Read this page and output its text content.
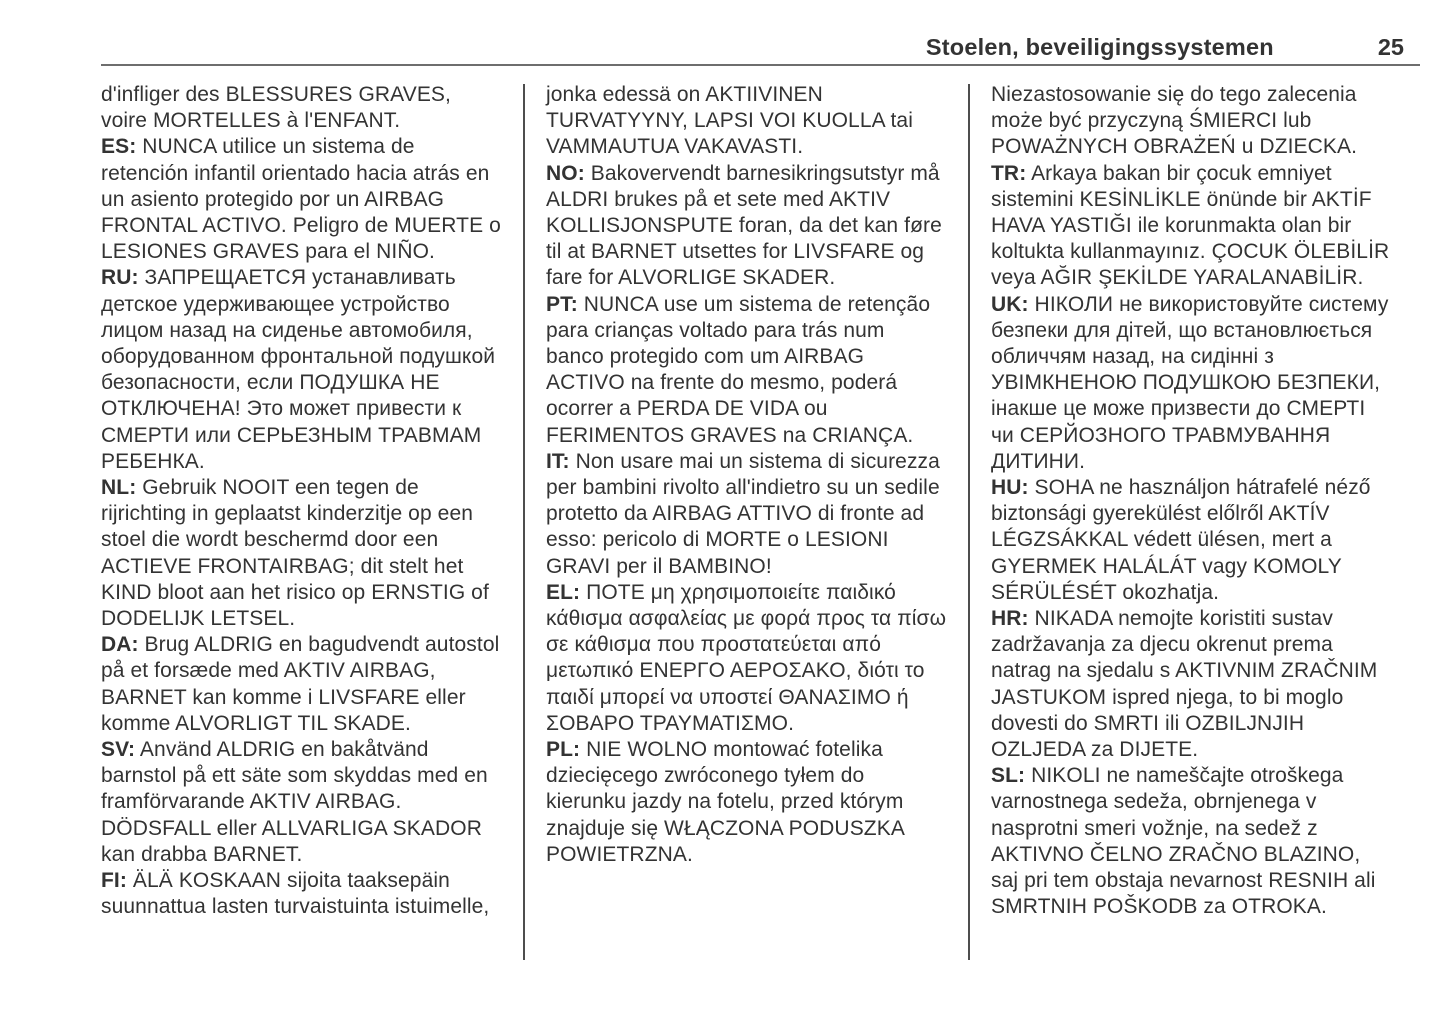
Stoelen, beveiligingssystemen	25

d'infliger des BLESSURES GRAVES, voire MORTELLES à l'ENFANT.

ES: NUNCA utilice un sistema de retención infantil orientado hacia atrás en un asiento protegido por un AIRBAG FRONTAL ACTIVO. Peligro de MUERTE o LESIONES GRAVES para el NIÑO.

RU: ЗАПРЕЩАЕТСЯ устанавливать детское удерживающее устройство лицом назад на сиденье автомобиля, оборудованном фронтальной подушкой безопасности, если ПОДУШКА НЕ ОТКЛЮЧЕНА! Это может привести к СМЕРТИ или СЕРЬЕЗНЫМ ТРАВМАМ РЕБЕНКА.

NL: Gebruik NOOIT een tegen de rijrichting in geplaatst kinderzitje op een stoel die wordt beschermd door een ACTIEVE FRONTAIRBAG; dit stelt het KIND bloot aan het risico op ERNSTIG of DODELIJK LETSEL.

DA: Brug ALDRIG en bagudvendt autostol på et forsæde med AKTIV AIRBAG, BARNET kan komme i LIVSFARE eller komme ALVORLIGT TIL SKADE.

SV: Använd ALDRIG en bakåtvänd barnstol på ett säte som skyddas med en framförvarande AKTIV AIRBAG. DÖDSFALL eller ALLVARLIGA SKADOR kan drabba BARNET.

FI: ÄLÄ KOSKAAN sijoita taaksepäin suunnattua lasten turvaistuinta istuimelle,

jonka edessä on AKTIIVINEN TURVATYYNY, LAPSI VOI KUOLLA tai VAMMAUTUA VAKAVASTI.

NO: Bakovervendt barnesikringsutstyr må ALDRI brukes på et sete med AKTIV KOLLISJONSPUTE foran, da det kan føre til at BARNET utsettes for LIVSFARE og fare for ALVORLIGE SKADER.

PT: NUNCA use um sistema de retenção para crianças voltado para trás num banco protegido com um AIRBAG ACTIVO na frente do mesmo, poderá ocorrer a PERDA DE VIDA ou FERIMENTOS GRAVES na CRIANÇA.

IT: Non usare mai un sistema di sicurezza per bambini rivolto all'indietro su un sedile protetto da AIRBAG ATTIVO di fronte ad esso: pericolo di MORTE o LESIONI GRAVI per il BAMBINO!

EL: ΠΟΤΕ μη χρησιμοποιείτε παιδικό κάθισμα ασφαλείας με φορά προς τα πίσω σε κάθισμα που προστατεύεται από μετωπικό ΕΝΕΡΓΟ ΑΕΡΟΣΑΚΟ, διότι το παιδί μπορεί να υποστεί ΘΑΝΑΣΙΜΟ ή ΣΟΒΑΡΟ ΤΡΑΥΜΑΤΙΣΜΟ.

PL: NIE WOLNO montować fotelika dziecięcego zwróconego tyłem do kierunku jazdy na fotelu, przed którym znajduje się WŁĄCZONA PODUSZKA POWIETRZNA.

Niezastosowanie się do tego zalecenia może być przyczyną ŚMIERCI lub POWAŻNYCH OBRAŻEŃ u DZIECKA.

TR: Arkaya bakan bir çocuk emniyet sistemini KESİNLİKLE önünde bir AKTİF HAVA YASTIĞI ile korunmakta olan bir koltukta kullanmayınız. ÇOCUK ÖLEBİLİR veya AĞIR ŞEKİLDE YARALANABİLİR.

UK: НІКОЛИ не використовуйте систему безпеки для дітей, що встановлюється обличчям назад, на сидінні з УВІМКНЕНОЮ ПОДУШКОЮ БЕЗПЕКИ, інакше це може призвести до СМЕРТІ чи СЕРЙОЗНОГО ТРАВМУВАННЯ ДИТИНИ.

HU: SOHA ne használjon hátrafelé néző biztonsági gyerekülést előlről AKTÍV LÉGZSÁKKAL védett ülésen, mert a GYERMEK HALÁLÁT vagy KOMOLY SÉRÜLÉSÉT okozhatja.

HR: NIKADA nemojte koristiti sustav zadržavanja za djecu okrenut prema natrag na sjedalu s AKTIVNIM ZRAČNIM JASTUKOM ispred njega, to bi moglo dovesti do SMRTI ili OZBILJNJIH OZLJEDA za DIJETE.

SL: NIKOLI ne nameščajte otroškega varnostnega sedeža, obrnjenega v nasprotni smeri vožnje, na sedež z AKTIVNO ČELNO ZRAČNO BLAZINO, saj pri tem obstaja nevarnost RESNIH ali SMRTNIH POŠKODB za OTROKA.
